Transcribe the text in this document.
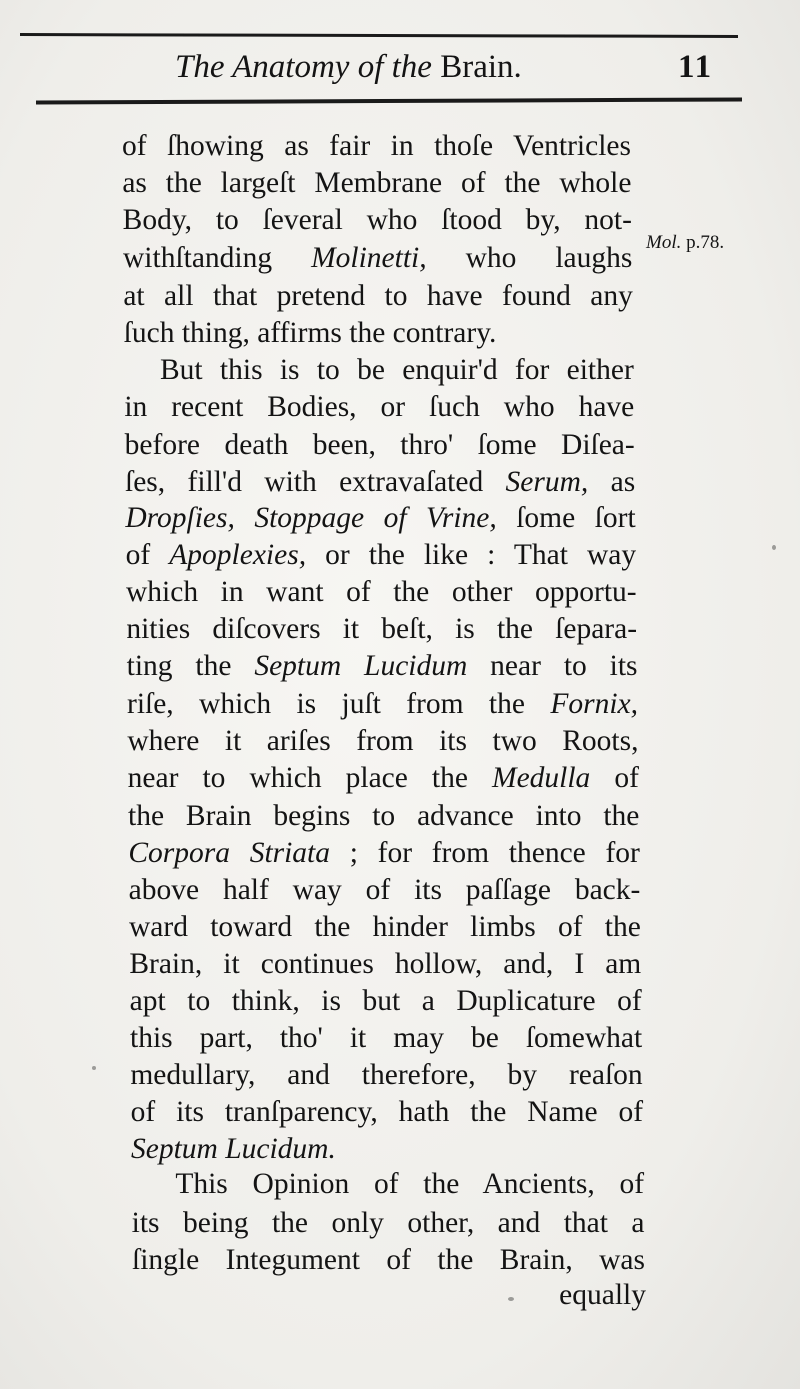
The Anatomy of the Brain.	11
Mol. p.78.
of ſhowing as fair in thoſe Ventricles
as the largeſt Membrane of the whole
Body, to ſeveral who ſtood by, not-
withſtanding Molinetti, who laughs
at all that pretend to have found any
ſuch thing, affirms the contrary.
But this is to be enquir'd for either
in recent Bodies, or ſuch who have
before death been, thro' ſome Diſea-
ſes, fill'd with extravaſated Serum, as
Dropſies, Stoppage of Vrine, ſome ſort
of Apoplexies, or the like : That way
which in want of the other opportu-
nities diſcovers it beſt, is the ſepara-
ting the Septum Lucidum near to its
riſe, which is juſt from the Fornix,
where it ariſes from its two Roots,
near to which place the Medulla of
the Brain begins to advance into the
Corpora Striata ; for from thence for
above half way of its paſſage back-
ward toward the hinder limbs of the
Brain, it continues hollow, and, I am
apt to think, is but a Duplicature of
this part, tho' it may be ſomewhat
medullary, and therefore, by reaſon
of its tranſparency, hath the Name of
Septum Lucidum.
This Opinion of the Ancients, of
its being the only other, and that a
ſingle Integument of the Brain, was
equally
